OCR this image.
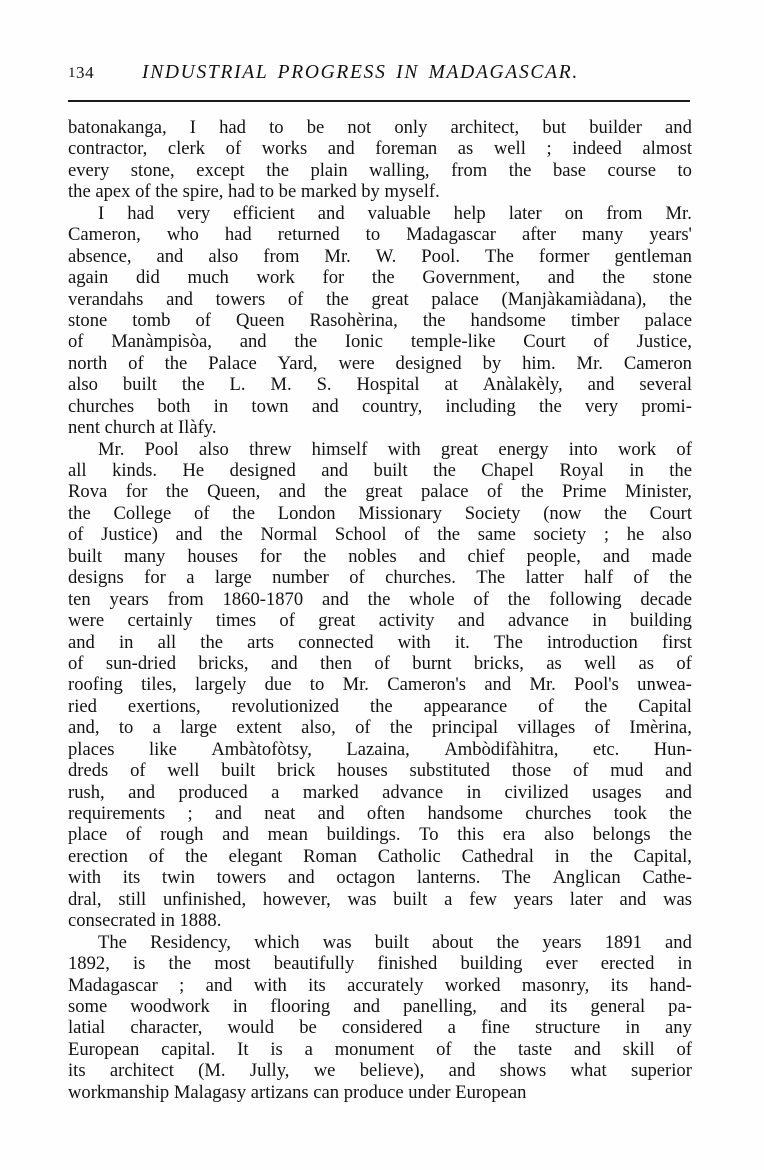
134	INDUSTRIAL PROGRESS IN MADAGASCAR.

batonakanga, I had to be not only architect, but builder and
contractor, clerk of works and foreman as well ; indeed almost
every stone, except the plain walling, from the base course to
the apex of the spire, had to be marked by myself.

I had very efficient and valuable help later on from Mr.
Cameron, who had returned to Madagascar after many years'
absence, and also from Mr. W. Pool. The former gentleman
again did much work for the Government, and the stone
verandahs and towers of the great palace (Manjàkamiàdana), the
stone tomb of Queen Rasohèrina, the handsome timber palace
of Manàmpisòa, and the Ionic temple-like Court of Justice,
north of the Palace Yard, were designed by him. Mr. Cameron
also built the L. M. S. Hospital at Anàlakèly, and several
churches both in town and country, including the very promi-
nent church at Ilàfy.

Mr. Pool also threw himself with great energy into work of
all kinds. He designed and built the Chapel Royal in the
Rova for the Queen, and the great palace of the Prime Minister,
the College of the London Missionary Society (now the Court
of Justice) and the Normal School of the same society ; he also
built many houses for the nobles and chief people, and made
designs for a large number of churches. The latter half of the
ten years from 1860-1870 and the whole of the following decade
were certainly times of great activity and advance in building
and in all the arts connected with it. The introduction first
of sun-dried bricks, and then of burnt bricks, as well as of
roofing tiles, largely due to Mr. Cameron's and Mr. Pool's unwea-
ried exertions, revolutionized the appearance of the Capital
and, to a large extent also, of the principal villages of Imèrina,
places like Ambàtofòtsy, Lazaina, Ambòdifàhitra, etc. Hun-
dreds of well built brick houses substituted those of mud and
rush, and produced a marked advance in civilized usages and
requirements ; and neat and often handsome churches took the
place of rough and mean buildings. To this era also belongs the
erection of the elegant Roman Catholic Cathedral in the Capital,
with its twin towers and octagon lanterns. The Anglican Cathe-
dral, still unfinished, however, was built a few years later and was
consecrated in 1888.

The Residency, which was built about the years 1891 and
1892, is the most beautifully finished building ever erected in
Madagascar ; and with its accurately worked masonry, its hand-
some woodwork in flooring and panelling, and its general pa-
latial character, would be considered a fine structure in any
European capital. It is a monument of the taste and skill of
its architect (M. Jully, we believe), and shows what superior
workmanship Malagasy artizans can produce under European
